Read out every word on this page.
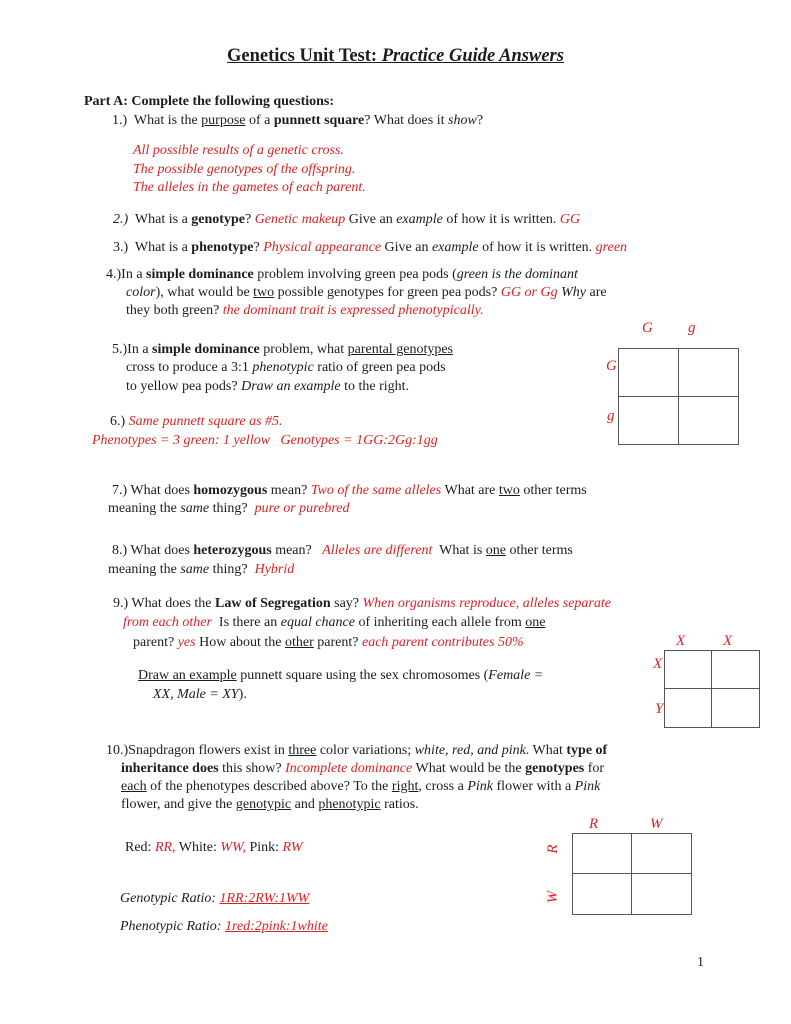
Genetics Unit Test: Practice Guide Answers
Part A: Complete the following questions:
1.)  What is the purpose of a punnett square? What does it show?
All possible results of a genetic cross.
The possible genotypes of the offspring.
The alleles in the gametes of each parent.
2.)  What is a genotype? Genetic makeup Give an example of how it is written. GG
3.)  What is a phenotype? Physical appearance Give an example of how it is written. green
4.)In a simple dominance problem involving green pea pods (green is the dominant
color), what would be two possible genotypes for green pea pods? GG or Gg Why are
they both green? the dominant trait is expressed phenotypically.
5.)In a simple dominance problem, what parental genotypes
cross to produce a 3:1 phenotypic ratio of green pea pods
to yellow pea pods? Draw an example to the right.
G g
G
g
6.) Same punnett square as #5.
Phenotypes = 3 green: 1 yellow   Genotypes = 1GG:2Gg:1gg
7.) What does homozygous mean? Two of the same alleles What are two other terms
meaning the same thing?  pure or purebred
8.) What does heterozygous mean?   Alleles are different  What is one other terms
meaning the same thing?  Hybrid
9.) What does the Law of Segregation say? When organisms reproduce, alleles separate
from each other  Is there an equal chance of inheriting each allele from one
parent? yes How about the other parent? each parent contributes 50%
Draw an example punnett square using the sex chromosomes (Female =
XX, Male = XY).
X	X
X
Y
10.)Snapdragon flowers exist in three color variations; white, red, and pink. What type of
inheritance does this show? Incomplete dominance What would be the genotypes for
each of the phenotypes described above? To the right, cross a Pink flower with a Pink
flower, and give the genotypic and phenotypic ratios.
R	W
R
W
Red: RR, White: WW, Pink: RW
Genotypic Ratio: 1RR:2RW:1WW
Phenotypic Ratio: 1red:2pink:1white
1
